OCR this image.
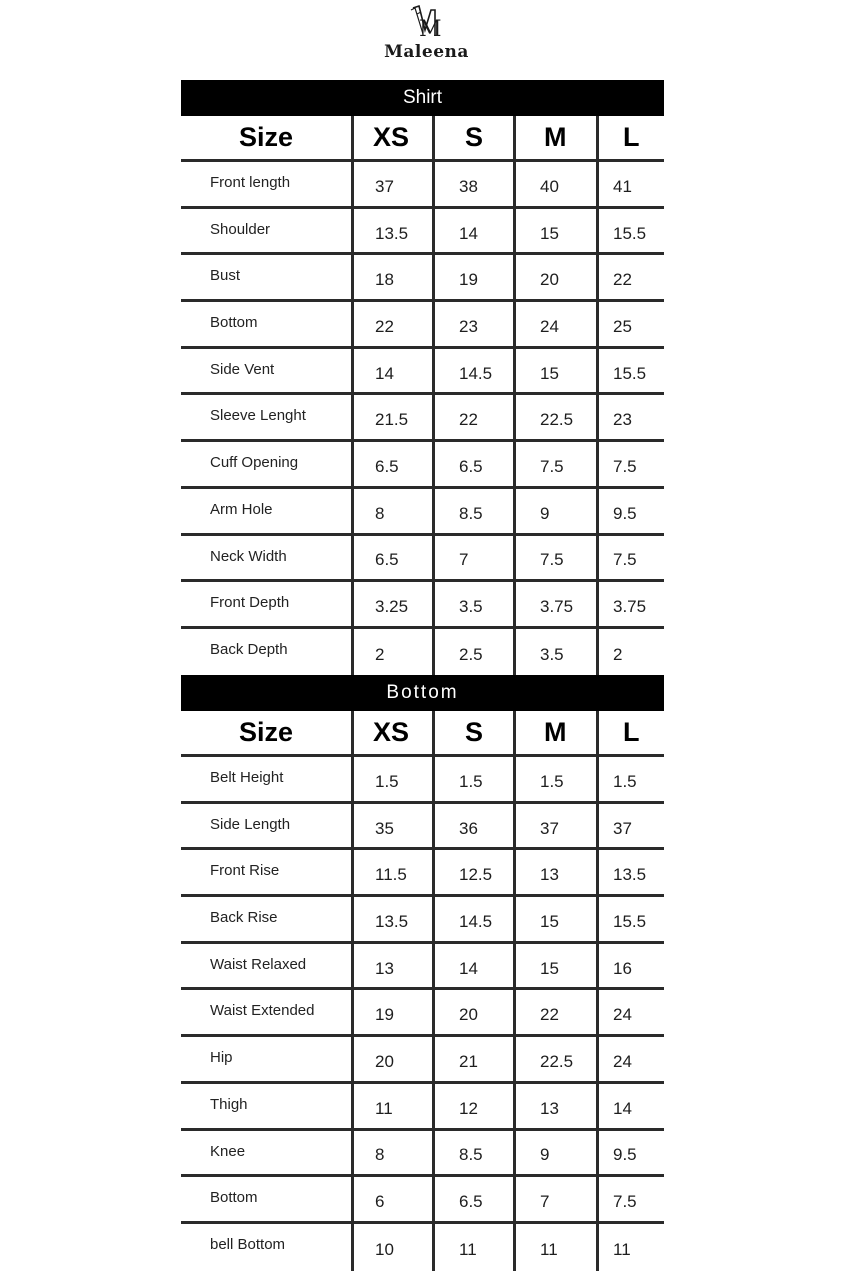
M
Maleena
Shirt
Size	XS	S	M	L
Front length	37	38	40	41
Shoulder	13.5	14	15	15.5
Bust	18	19	20	22
Bottom	22	23	24	25
Side Vent	14	14.5	15	15.5
Sleeve Lenght	21.5	22	22.5	23
Cuff Opening	6.5	6.5	7.5	7.5
Arm Hole	8	8.5	9	9.5
Neck Width	6.5	7	7.5	7.5
Front Depth	3.25	3.5	3.75	3.75
Back Depth	2	2.5	3.5	2
Bottom
Size	XS	S	M	L
Belt Height	1.5	1.5	1.5	1.5
Side Length	35	36	37	37
Front Rise	11.5	12.5	13	13.5
Back Rise	13.5	14.5	15	15.5
Waist Relaxed	13	14	15	16
Waist Extended	19	20	22	24
Hip	20	21	22.5	24
Thigh	11	12	13	14
Knee	8	8.5	9	9.5
Bottom	6	6.5	7	7.5
bell Bottom	10	11	11	11
